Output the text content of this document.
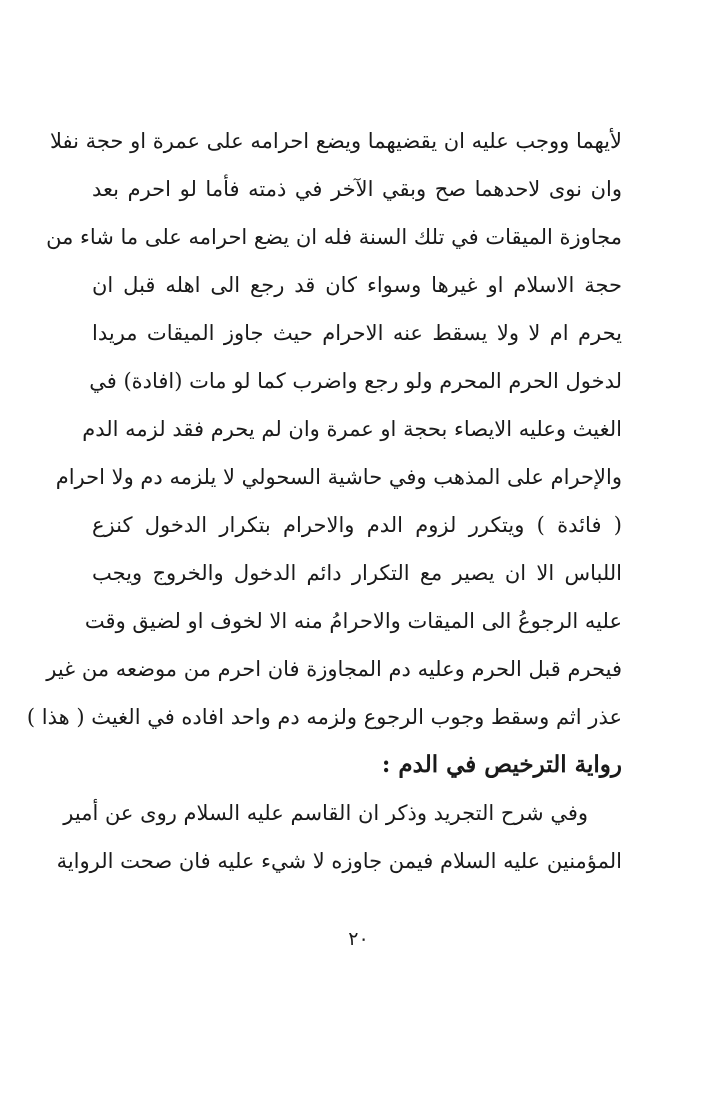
لأيهما ووجب عليه ان يقضيهما ويضع احرامه على عمرة او حجة نفلا
وان نوى لاحدهما صح وبقي الآخر في ذمته فأما لو احرم بعد
مجاوزة الميقات في تلك السنة فله ان يضع احرامه على ما شاء من
حجة الاسلام او غيرها وسواء كان قد رجع الى اهله قبل ان
يحرم ام لا ولا يسقط عنه الاحرام حيث جاوز الميقات مريدا
لدخول الحرم المحرم ولو رجع واضرب كما لو مات (افادة) في
الغيث وعليه الايصاء بحجة او عمرة وان لم يحرم فقد لزمه الدم
والإحرام على المذهب وفي حاشية السحولي لا يلزمه دم ولا احرام
( فائدة ) ويتكرر لزوم الدم والاحرام بتكرار الدخول كنزع
اللباس الا ان يصير مع التكرار دائم الدخول والخروج ويجب
عليه الرجوعُ الى الميقات والاحرامُ منه الا لخوف او لضيق وقت
فيحرم قبل الحرم وعليه دم المجاوزة فان احرم من موضعه من غير
عذر اثم وسقط وجوب الرجوع ولزمه دم واحد افاده في الغيث ( هذا )
رواية الترخيص في الدم :
وفي شرح التجريد وذكر ان القاسم عليه السلام روى عن أمير
المؤمنين عليه السلام فيمن جاوزه لا شيء عليه فان صحت الرواية
٢٠
